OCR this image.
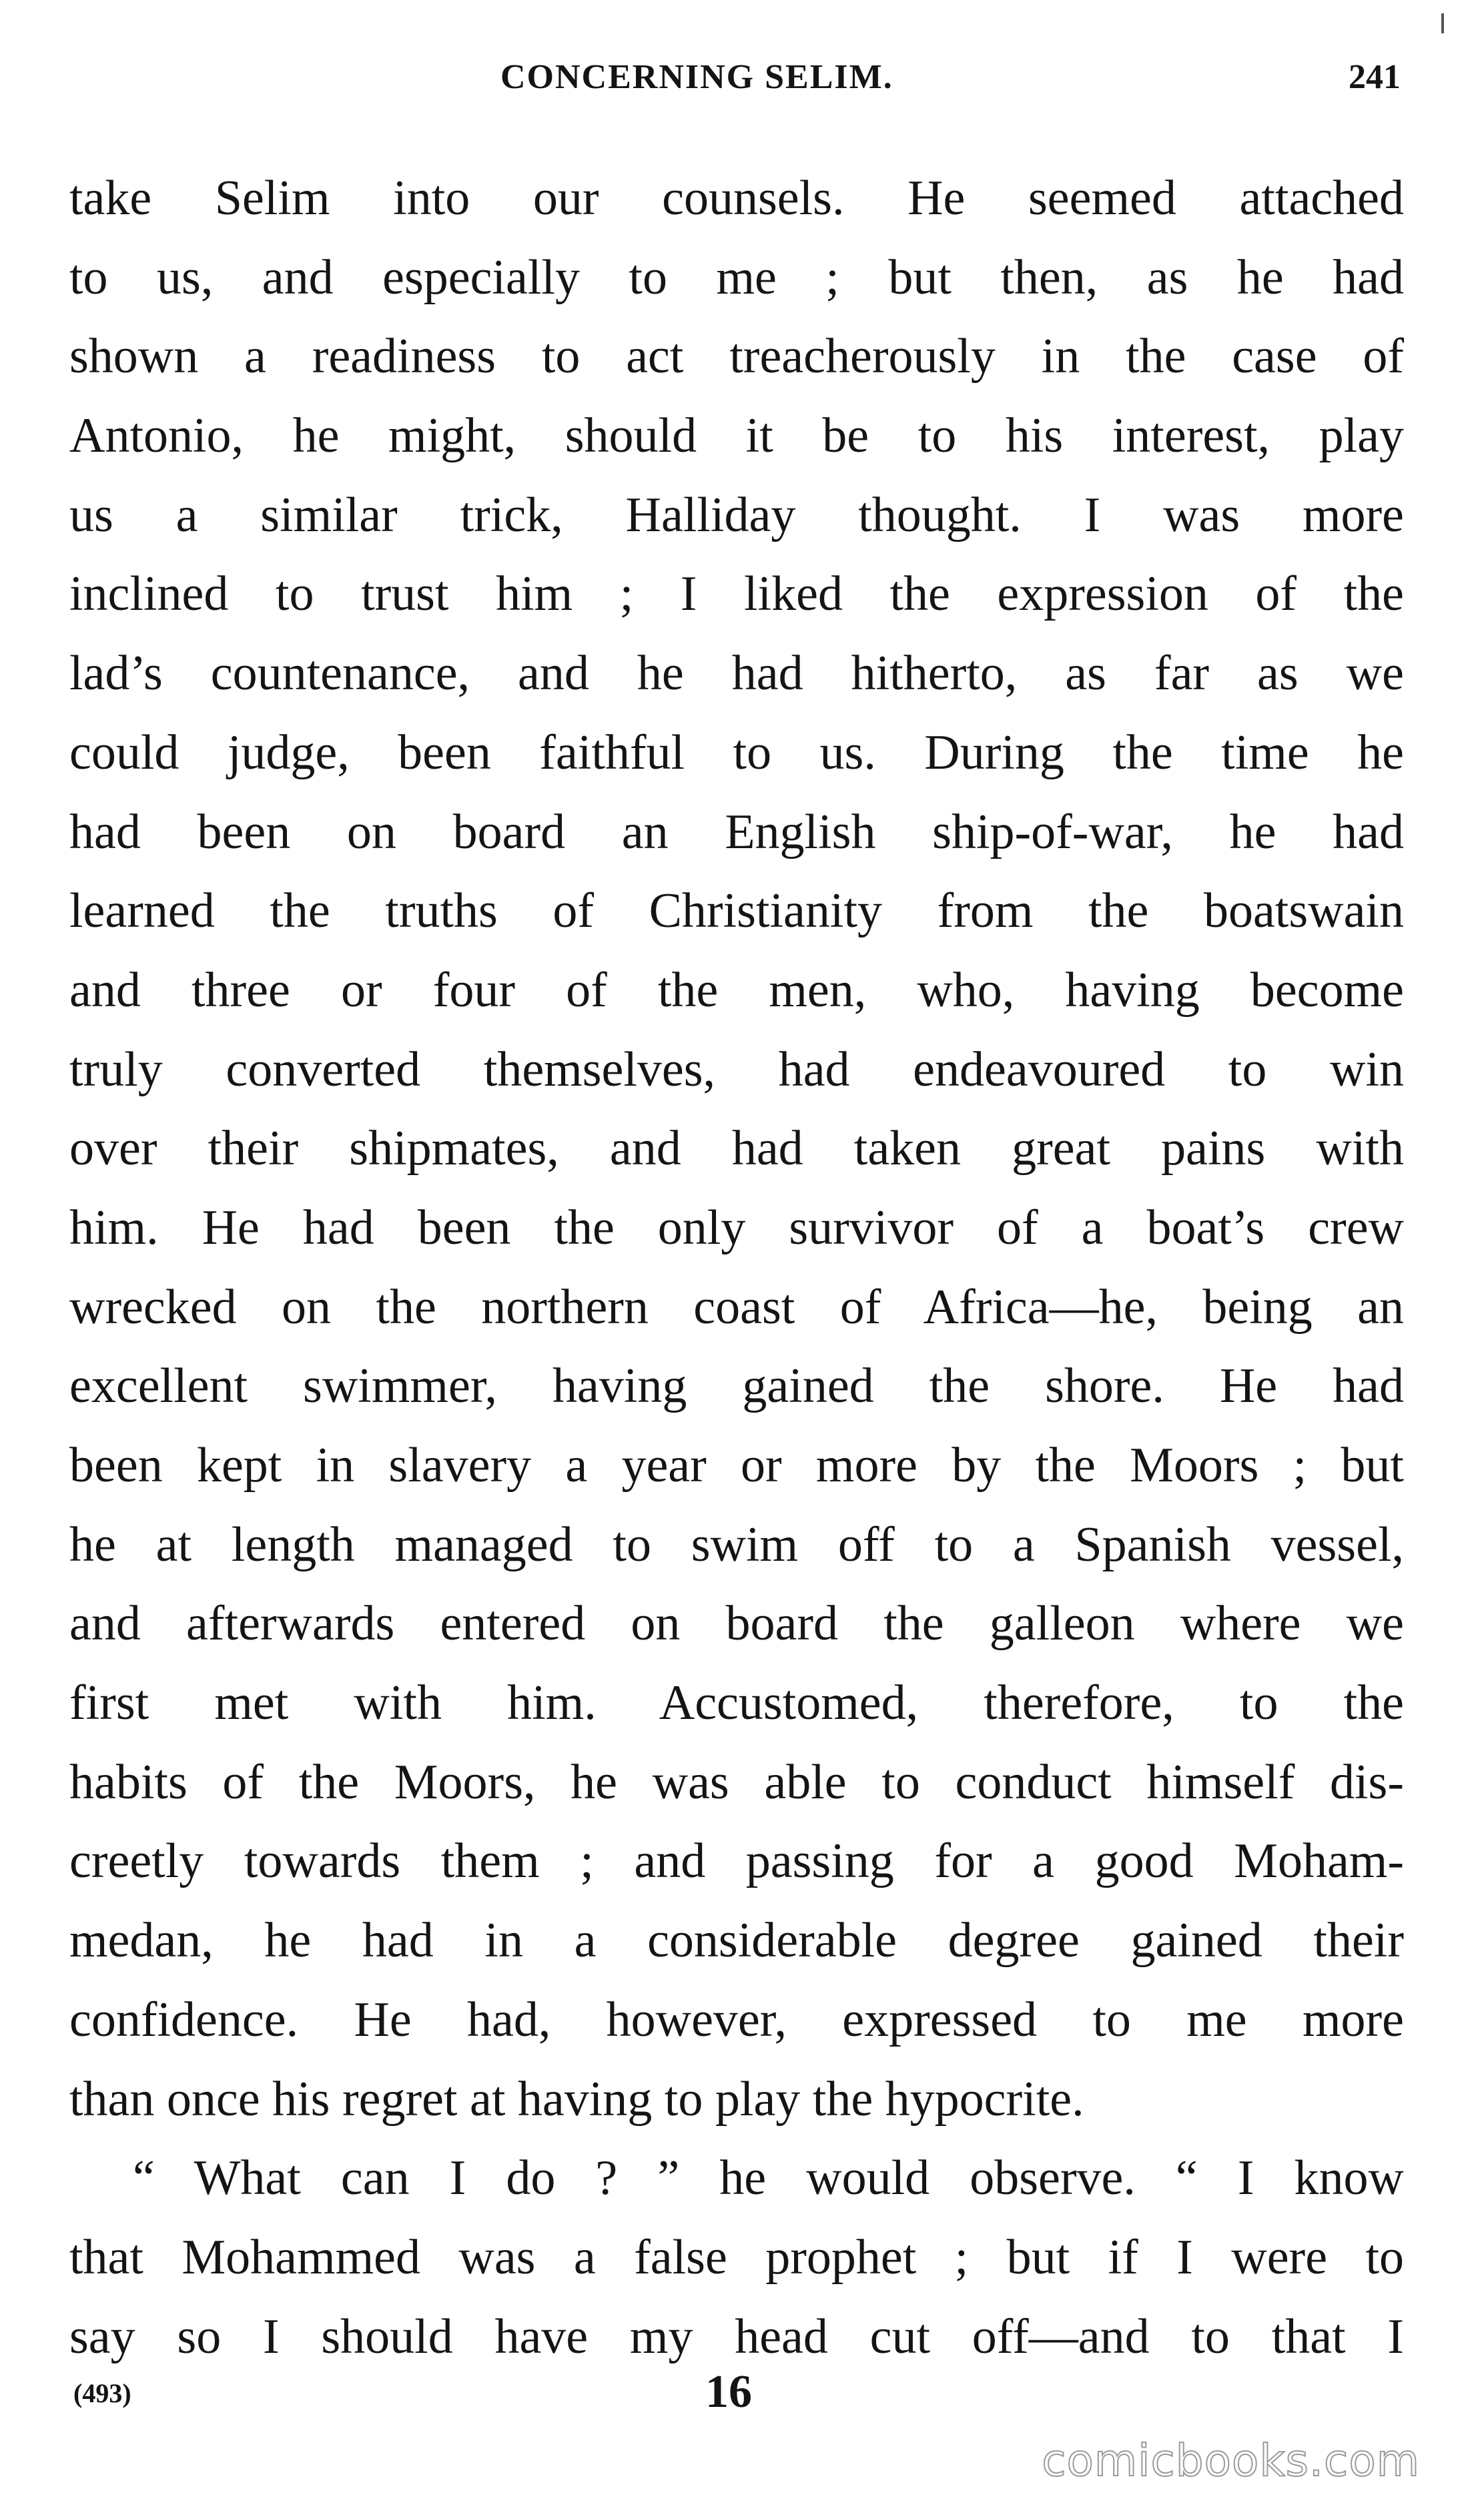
CONCERNING SELIM.	241
take Selim into our counsels. He seemed attached
to us, and especially to me ; but then, as he had
shown a readiness to act treacherously in the case of
Antonio, he might, should it be to his interest, play
us a similar trick, Halliday thought. I was more
inclined to trust him ; I liked the expression of the
lad’s countenance, and he had hitherto, as far as we
could judge, been faithful to us. During the time he
had been on board an English ship-of-war, he had
learned the truths of Christianity from the boatswain
and three or four of the men, who, having become
truly converted themselves, had endeavoured to win
over their shipmates, and had taken great pains with
him. He had been the only survivor of a boat’s crew
wrecked on the northern coast of Africa—he, being an
excellent swimmer, having gained the shore. He had
been kept in slavery a year or more by the Moors ; but
he at length managed to swim off to a Spanish vessel,
and afterwards entered on board the galleon where we
first met with him. Accustomed, therefore, to the
habits of the Moors, he was able to conduct himself dis-
creetly towards them ; and passing for a good Moham-
medan, he had in a considerable degree gained their
confidence. He had, however, expressed to me more
than once his regret at having to play the hypocrite.
“ What can I do ? ” he would observe. “ I know
that Mohammed was a false prophet ; but if I were to
say so I should have my head cut off—and to that I
(493)	16
comicbooks.com
